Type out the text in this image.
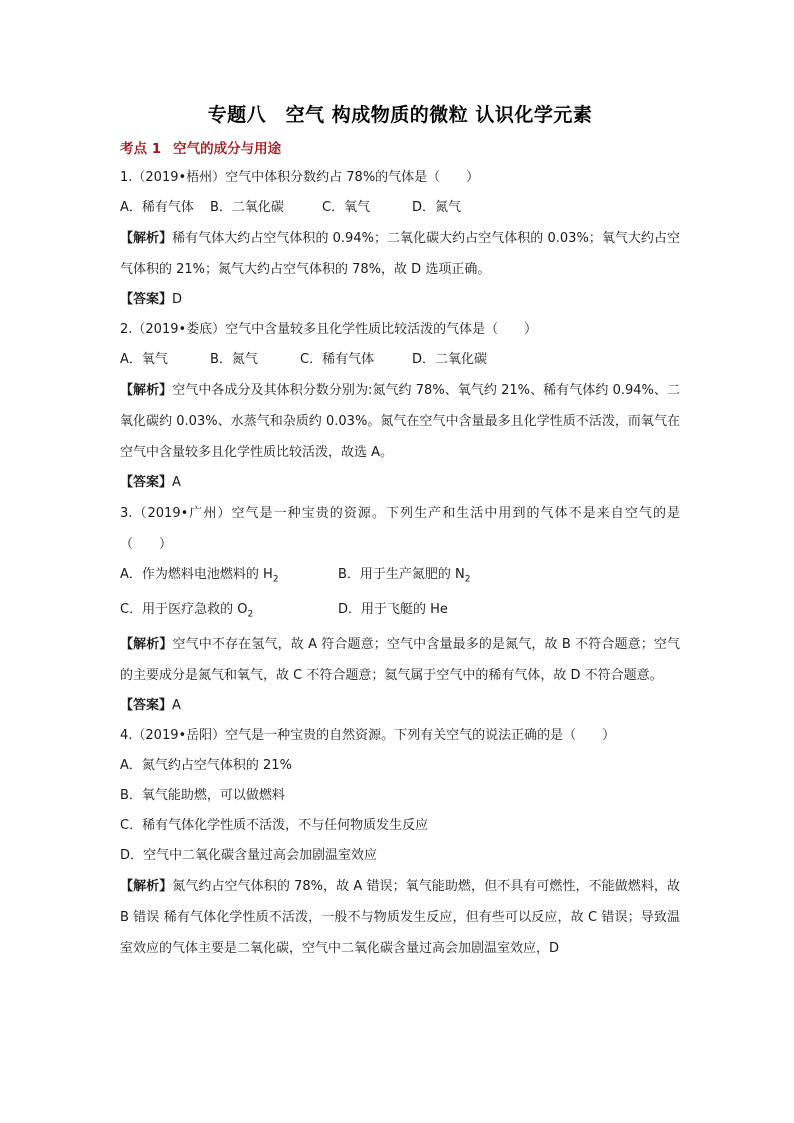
专题八　空气 构成物质的微粒 认识化学元素
考点 1 空气的成分与用途
1.（2019•梧州）空气中体积分数约占 78%的气体是（　　）
A．稀有气体	B．二氧化碳	C．氧气	D．氮气
【解析】稀有气体大约占空气体积的 0.94%；二氧化碳大约占空气体积的 0.03%；氧气大约占空气体积的 21%；氮气大约占空气体积的 78%，故 D 选项正确。
【答案】D
2.（2019•娄底）空气中含量较多且化学性质比较活泼的气体是（　　）
A．氧气	B．氮气	C．稀有气体	D．二氧化碳
【解析】空气中各成分及其体积分数分别为:氮气约 78%、氧气约 21%、稀有气体约 0.94%、二氧化碳约 0.03%、水蒸气和杂质约 0.03%。氮气在空气中含量最多且化学性质不活泼，而氧气在空气中含量较多且化学性质比较活泼，故选 A。
【答案】A
3.（2019•广州）空气是一种宝贵的资源。下列生产和生活中用到的气体不是来自空气的是（　　）
A．作为燃料电池燃料的 $H_2$	B．用于生产氮肥的 $N_2$
C．用于医疗急救的 $O_2$	D．用于飞艇的 He
【解析】空气中不存在氢气，故 A 符合题意；空气中含量最多的是氮气，故 B 不符合题意；空气的主要成分是氮气和氧气，故 C 不符合题意；氦气属于空气中的稀有气体，故 D 不符合题意。
【答案】A
4.（2019•岳阳）空气是一种宝贵的自然资源。下列有关空气的说法正确的是（　　）
A．氮气约占空气体积的 21%
B．氧气能助燃，可以做燃料
C．稀有气体化学性质不活泼，不与任何物质发生反应
D．空气中二氧化碳含量过高会加剧温室效应
【解析】氮气约占空气体积的 78%，故 A 错误；氧气能助燃，但不具有可燃性，不能做燃料，故 B 错误 稀有气体化学性质不活泼，一般不与物质发生反应，但有些可以反应，故 C 错误；导致温室效应的气体主要是二氧化碳，空气中二氧化碳含量过高会加剧温室效应，D
